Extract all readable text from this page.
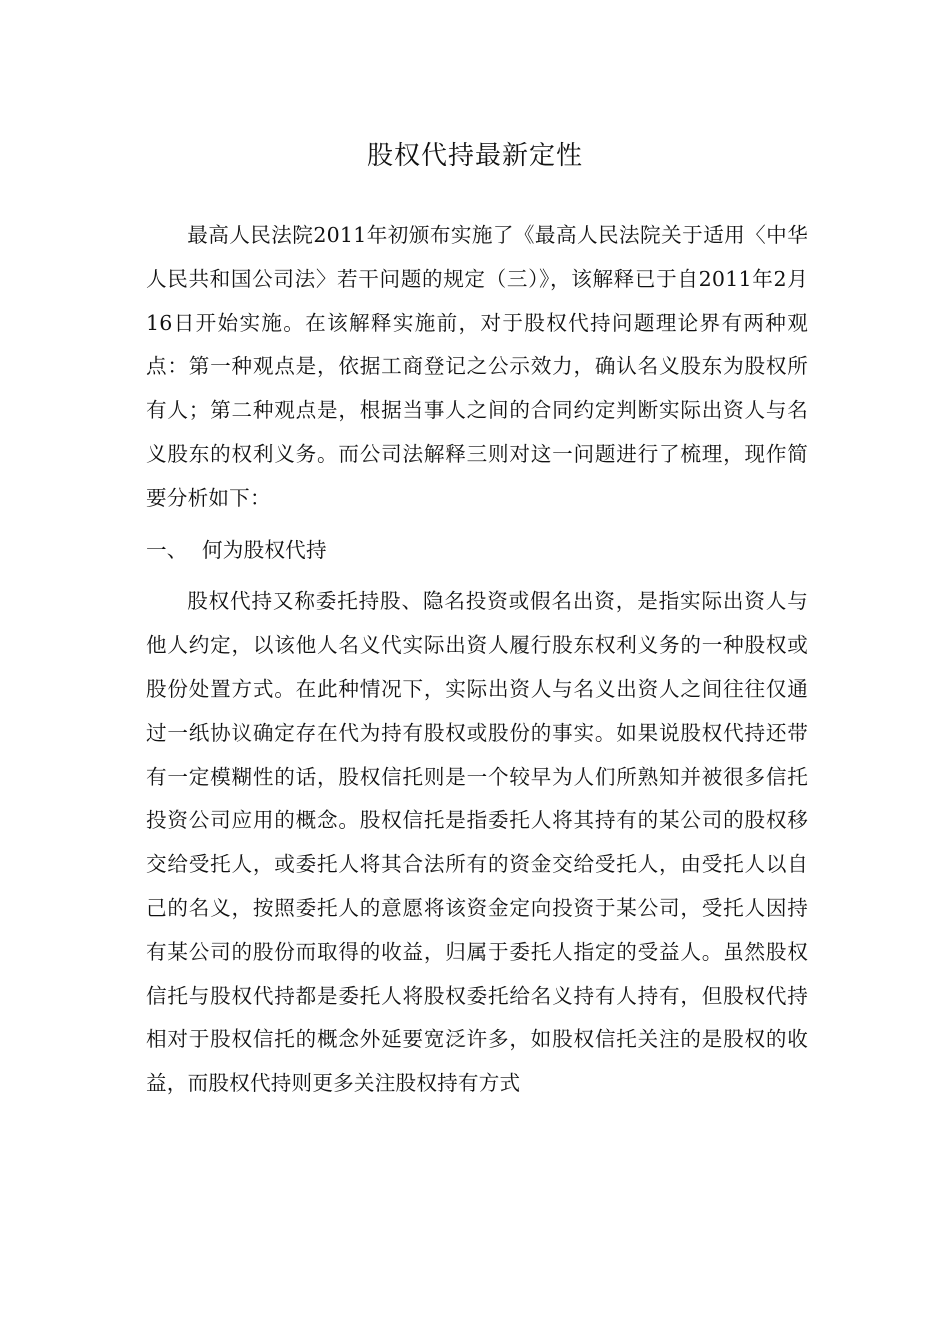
股权代持最新定性

最高人民法院2011年初颁布实施了《最高人民法院关于适用〈中华人民共和国公司法〉若干问题的规定（三）》，该解释已于自2011年2月16日开始实施。在该解释实施前，对于股权代持问题理论界有两种观点：第一种观点是，依据工商登记之公示效力，确认名义股东为股权所有人；第二种观点是，根据当事人之间的合同约定判断实际出资人与名义股东的权利义务。而公司法解释三则对这一问题进行了梳理，现作简要分析如下：

一、 何为股权代持

股权代持又称委托持股、隐名投资或假名出资，是指实际出资人与他人约定，以该他人名义代实际出资人履行股东权利义务的一种股权或股份处置方式。在此种情况下，实际出资人与名义出资人之间往往仅通过一纸协议确定存在代为持有股权或股份的事实。如果说股权代持还带有一定模糊性的话，股权信托则是一个较早为人们所熟知并被很多信托投资公司应用的概念。股权信托是指委托人将其持有的某公司的股权移交给受托人，或委托人将其合法所有的资金交给受托人，由受托人以自己的名义，按照委托人的意愿将该资金定向投资于某公司，受托人因持有某公司的股份而取得的收益，归属于委托人指定的受益人。虽然股权信托与股权代持都是委托人将股权委托给名义持有人持有，但股权代持相对于股权信托的概念外延要宽泛许多，如股权信托关注的是股权的收益，而股权代持则更多关注股权持有方式
